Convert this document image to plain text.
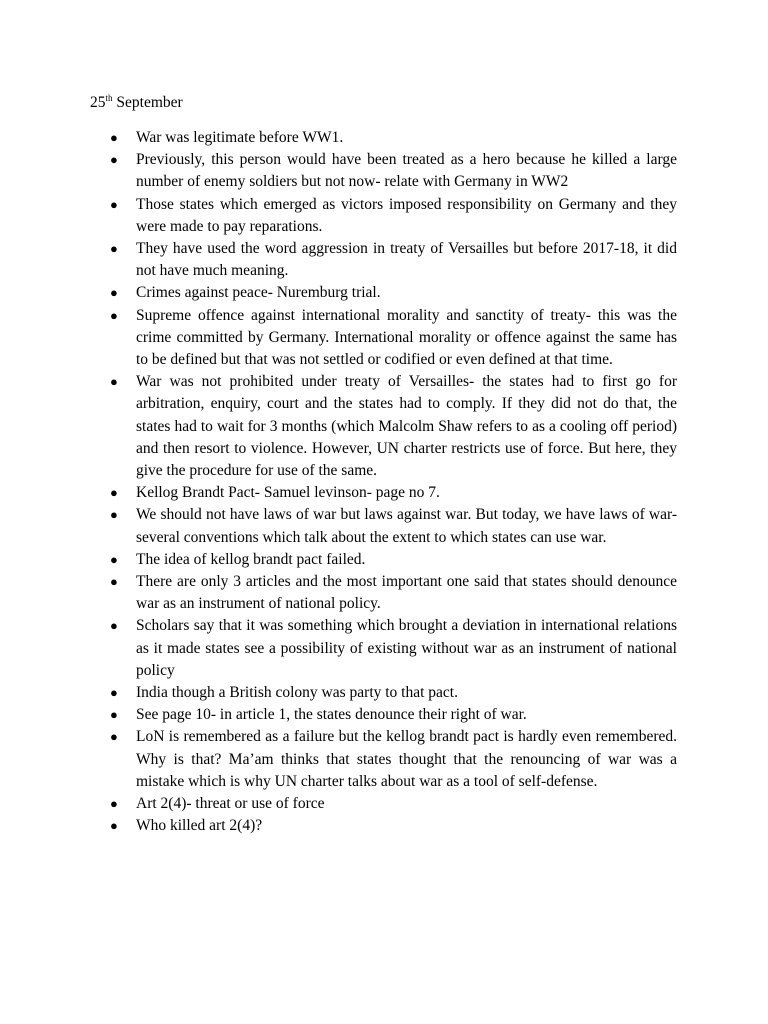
25th September
● War was legitimate before WW1.
● Previously, this person would have been treated as a hero because he killed a large number of enemy soldiers but not now- relate with Germany in WW2
● Those states which emerged as victors imposed responsibility on Germany and they were made to pay reparations.
● They have used the word aggression in treaty of Versailles but before 2017-18, it did not have much meaning.
● Crimes against peace- Nuremburg trial.
● Supreme offence against international morality and sanctity of treaty- this was the crime committed by Germany. International morality or offence against the same has to be defined but that was not settled or codified or even defined at that time.
● War was not prohibited under treaty of Versailles- the states had to first go for arbitration, enquiry, court and the states had to comply. If they did not do that, the states had to wait for 3 months (which Malcolm Shaw refers to as a cooling off period) and then resort to violence. However, UN charter restricts use of force. But here, they give the procedure for use of the same.
● Kellog Brandt Pact- Samuel levinson- page no 7.
● We should not have laws of war but laws against war. But today, we have laws of war- several conventions which talk about the extent to which states can use war.
● The idea of kellog brandt pact failed.
● There are only 3 articles and the most important one said that states should denounce war as an instrument of national policy.
● Scholars say that it was something which brought a deviation in international relations as it made states see a possibility of existing without war as an instrument of national policy
● India though a British colony was party to that pact.
● See page 10- in article 1, the states denounce their right of war.
● LoN is remembered as a failure but the kellog brandt pact is hardly even remembered. Why is that? Ma’am thinks that states thought that the renouncing of war was a mistake which is why UN charter talks about war as a tool of self-defense.
● Art 2(4)- threat or use of force
● Who killed art 2(4)?
